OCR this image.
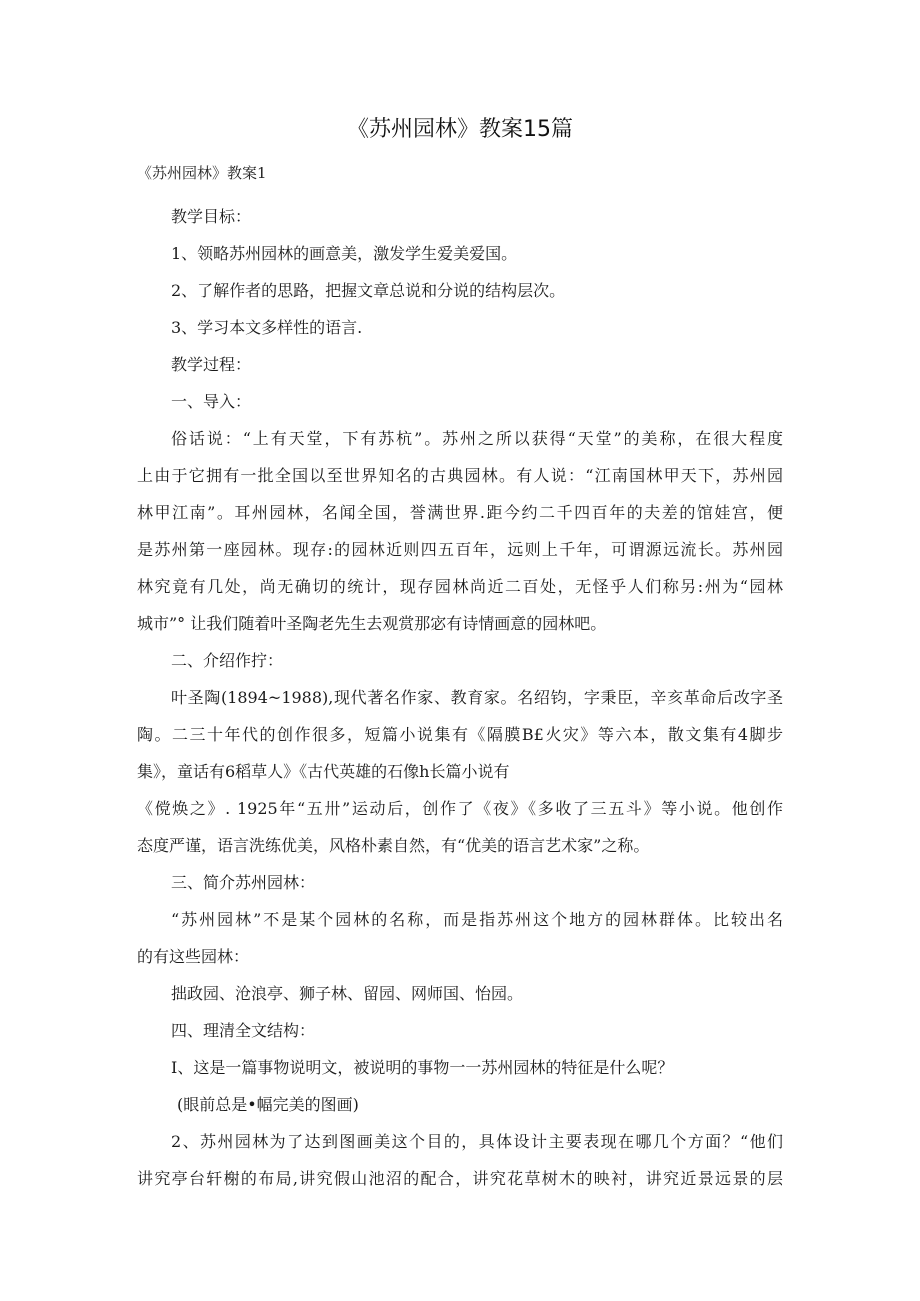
《苏州园林》教案15篇
《苏州园林》教案1

教学目标：

1、领略苏州园林的画意美，激发学生爱美爱国。

2、了解作者的思路，把握文章总说和分说的结构层次。

3、学习本文多样性的语言.

教学过程：

一、导入：

俗话说：“上有天堂，下有苏杭”。苏州之所以获得“天堂”的美称，在很大程度

上由于它拥有一批全国以至世界知名的古典园林。有人说：“江南国林甲天下，苏州园

林甲江南”。耳州园林，名闻全国，誉满世界.距今约二千四百年的夫差的馆娃宫，便

是苏州第一座园林。现存:的园林近则四五百年，远则上千年，可谓源远流长。苏州园

林究竟有几处，尚无确切的统计，现存园林尚近二百处，无怪乎人们称另:州为“园林

城市”° 让我们随着叶圣陶老先生去观赏那宓有诗情画意的园林吧。

二、介绍作拧：

叶圣陶(1894~1988),现代著名作家、教育家。名绍钧，字秉臣，辛亥革命后改字圣

陶。二三十年代的创作很多，短篇小说集有《隔膜B£火灾》等六本，散文集有4脚步

集》，童话有6稻草人》《古代英雄的石像h长篇小说有

《傥焕之》. 1925年“五卅”运动后，创作了《夜》《多收了三五斗》等小说。他创作

态度严谨，语言洗练优美，风格朴素自然，有“优美的语言艺术家”之称。

三、简介苏州园林：

“苏州园林”不是某个园林的名称，而是指苏州这个地方的园林群体。比较出名

的有这些园林：

拙政园、沧浪亭、狮子林、留园、网师国、怡园。

四、理清全文结构：

I、这是一篇事物说明文，被说明的事物一一苏州园林的特征是什么呢？

(眼前总是•幅完美的图画)

2、苏州园林为了达到图画美这个目的，具体设计主要表现在哪几个方面？“他们

讲究亭台轩榭的布局,讲究假山池沼的配合，讲究花草树木的映衬，讲究近景远景的层
